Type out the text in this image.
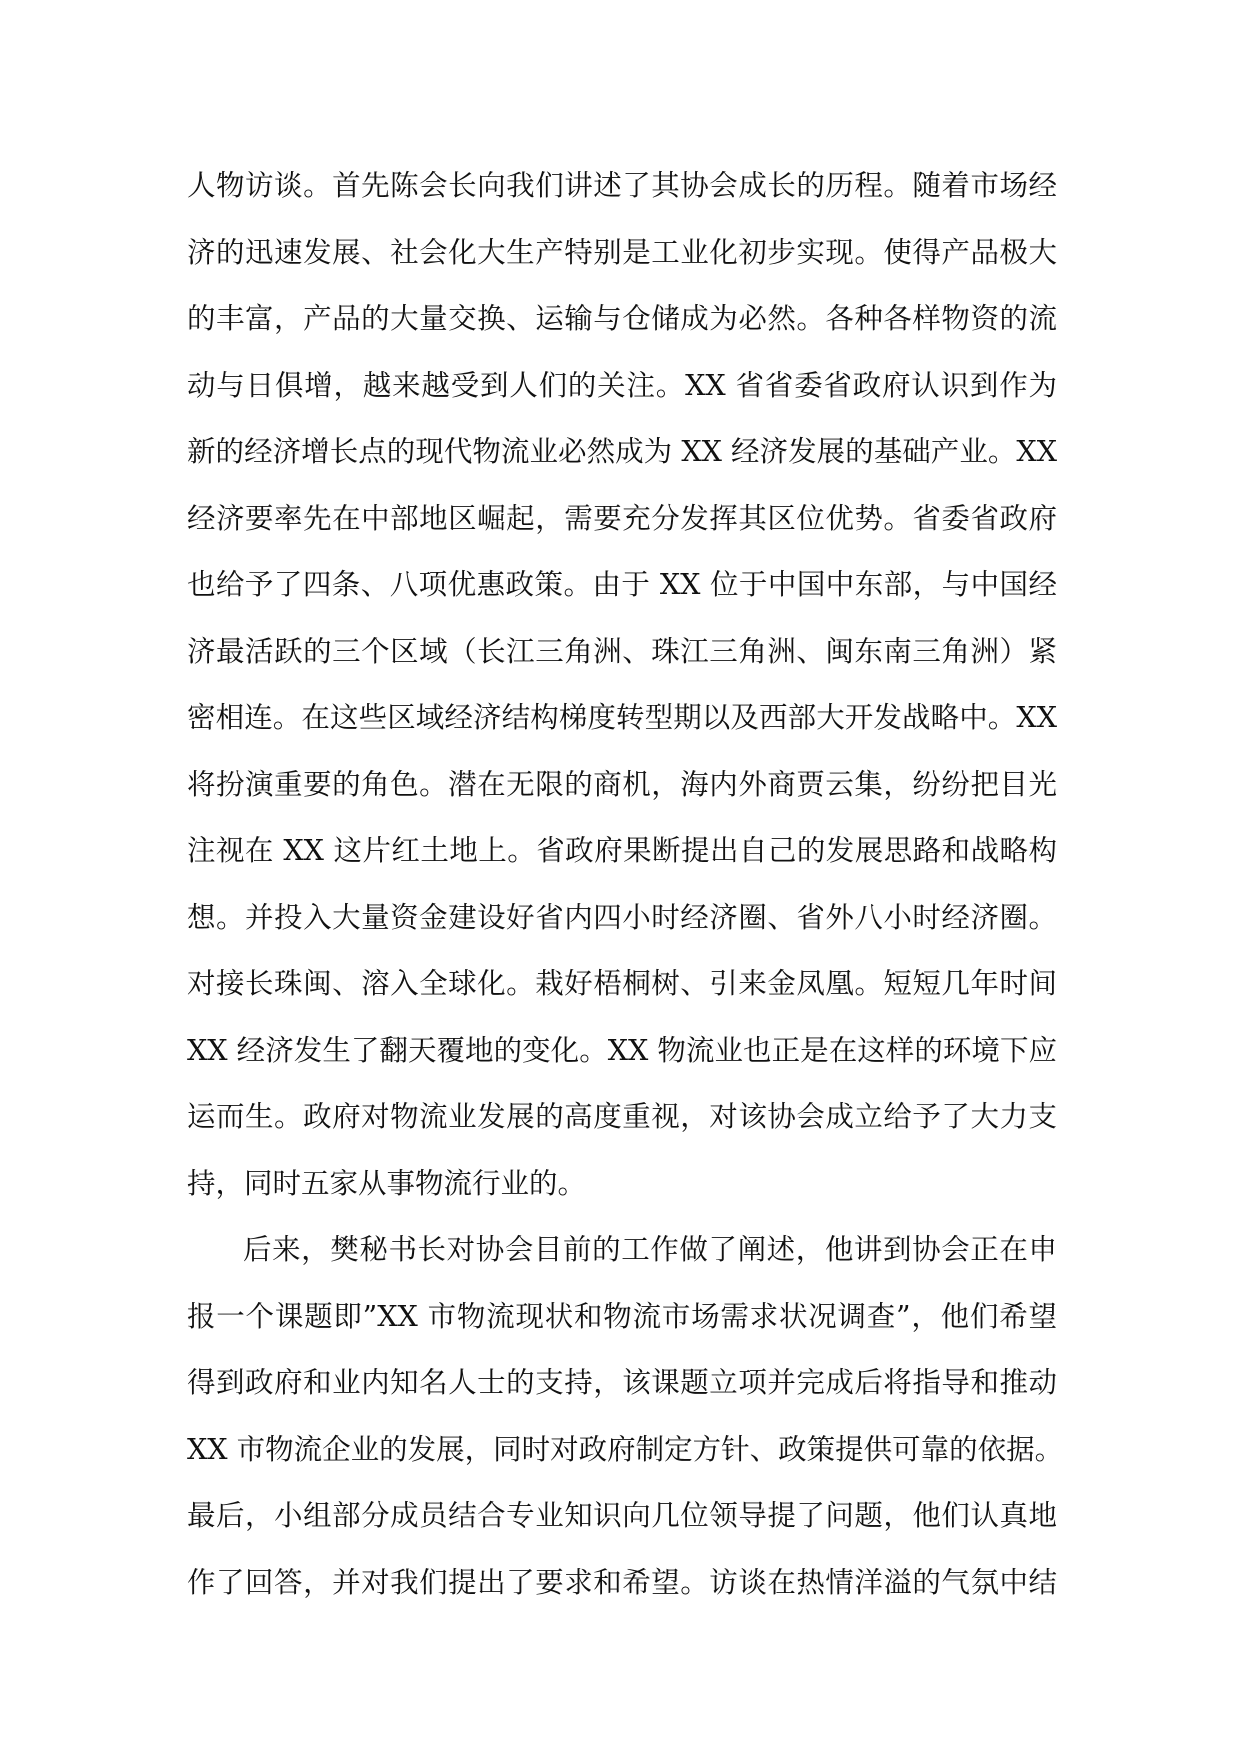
人物访谈。首先陈会长向我们讲述了其协会成长的历程。随着市场经
济的迅速发展、社会化大生产特别是工业化初步实现。使得产品极大
的丰富，产品的大量交换、运输与仓储成为必然。各种各样物资的流
动与日俱增，越来越受到人们的关注。XX 省省委省政府认识到作为
新的经济增长点的现代物流业必然成为 XX 经济发展的基础产业。XX
经济要率先在中部地区崛起，需要充分发挥其区位优势。省委省政府
也给予了四条、八项优惠政策。由于 XX 位于中国中东部，与中国经
济最活跃的三个区域（长江三角洲、珠江三角洲、闽东南三角洲）紧
密相连。在这些区域经济结构梯度转型期以及西部大开发战略中。XX
将扮演重要的角色。潜在无限的商机，海内外商贾云集，纷纷把目光
注视在 XX 这片红土地上。省政府果断提出自己的发展思路和战略构
想。并投入大量资金建设好省内四小时经济圈、省外八小时经济圈。
对接长珠闽、溶入全球化。栽好梧桐树、引来金凤凰。短短几年时间
XX 经济发生了翻天覆地的变化。XX 物流业也正是在这样的环境下应
运而生。政府对物流业发展的高度重视，对该协会成立给予了大力支
持，同时五家从事物流行业的。
后来，樊秘书长对协会目前的工作做了阐述，他讲到协会正在申
报一个课题即”XX 市物流现状和物流市场需求状况调查”，他们希望
得到政府和业内知名人士的支持，该课题立项并完成后将指导和推动
XX 市物流企业的发展，同时对政府制定方针、政策提供可靠的依据。
最后，小组部分成员结合专业知识向几位领导提了问题，他们认真地
作了回答，并对我们提出了要求和希望。访谈在热情洋溢的气氛中结
